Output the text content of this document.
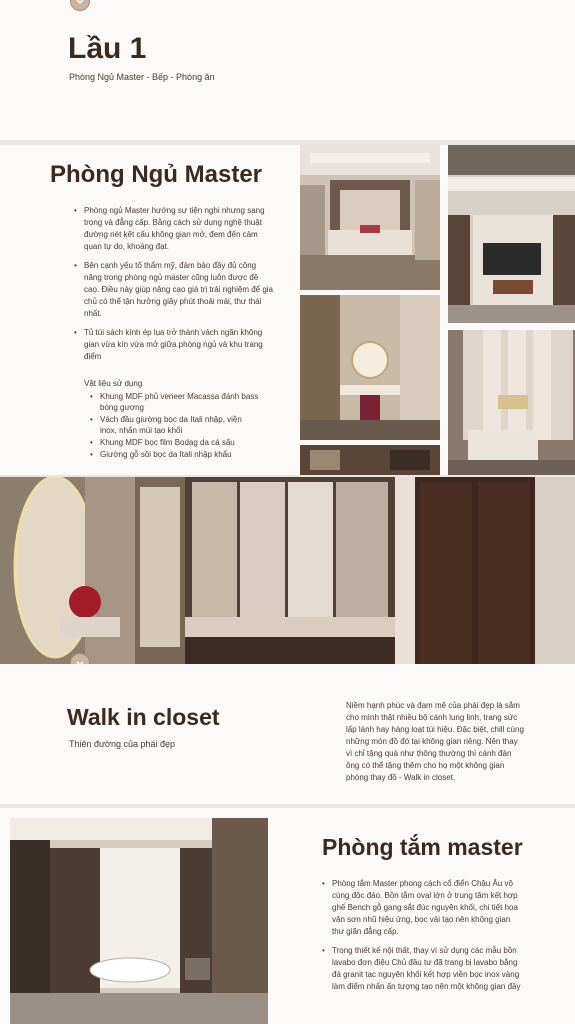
Lầu 1
Phòng Ngủ Master - Bếp - Phòng ăn
Phòng Ngủ Master
• Phòng ngủ Master hướng sự tiện nghi nhưng sang trọng và đẳng cấp. Bằng cách sử dụng nghệ thuật đường nét kết cấu không gian mở, đem đến cảm quan tự do, khoáng đạt.
• Bên cạnh yếu tố thẩm mỹ, đảm bảo đầy đủ công năng trong phòng ngủ master cũng luôn được đề cao. Điều này giúp nâng cao giá trị trải nghiệm để gia chủ có thể tận hưởng giây phút thoải mái, thư thái nhất.
• Tủ túi sách kính ép lụa trở thành vách ngăn không gian vừa kín vừa mở giữa phòng ngủ và khu trang điểm
Vật liệu sử dụng
• Khung MDF phủ veneer Macassa đánh bass bóng gương
• Vách đầu giường bọc da Itali nhập, viền inox, nhấn múi tạo khối
• Khung MDF bọc film Bodag da cá sấu
• Giường gỗ sồi bọc da Itali nhập khẩu
Walk in closet
Thiên đường của phái đẹp
Niềm hạnh phúc và đam mê của phái đẹp là sắm cho mình thật nhiều bộ cánh lung linh, trang sức lấp lánh hay hàng loạt túi hiệu. Đặc biệt, chill cùng những món đồ đó tại không gian riêng. Nên thay vì chỉ tặng quà như thông thường thì cánh đàn ông có thể tặng thêm cho họ một không gian phòng thay đồ - Walk in closet.
Phòng tắm master
• Phòng tắm Master phong cách cổ điển Châu Âu vô cùng độc đáo. Bồn tắm oval lớn ở trung tâm kết hợp ghế Bench gỗ gang sắt đúc nguyên khối, chi tiết hoa văn sơn nhũ hiệu ứng, bọc vải tạo nên không gian thư giãn đẳng cấp.
• Trong thiết kế nội thất, thay vì sử dụng các mẫu bồn lavabo đơn điệu Chủ đầu tư đã trang bị lavabo bằng đá granit tạc nguyên khối kết hợp viền bọc inox vàng làm điểm nhấn ấn tượng tạo nên một không gian đầy
